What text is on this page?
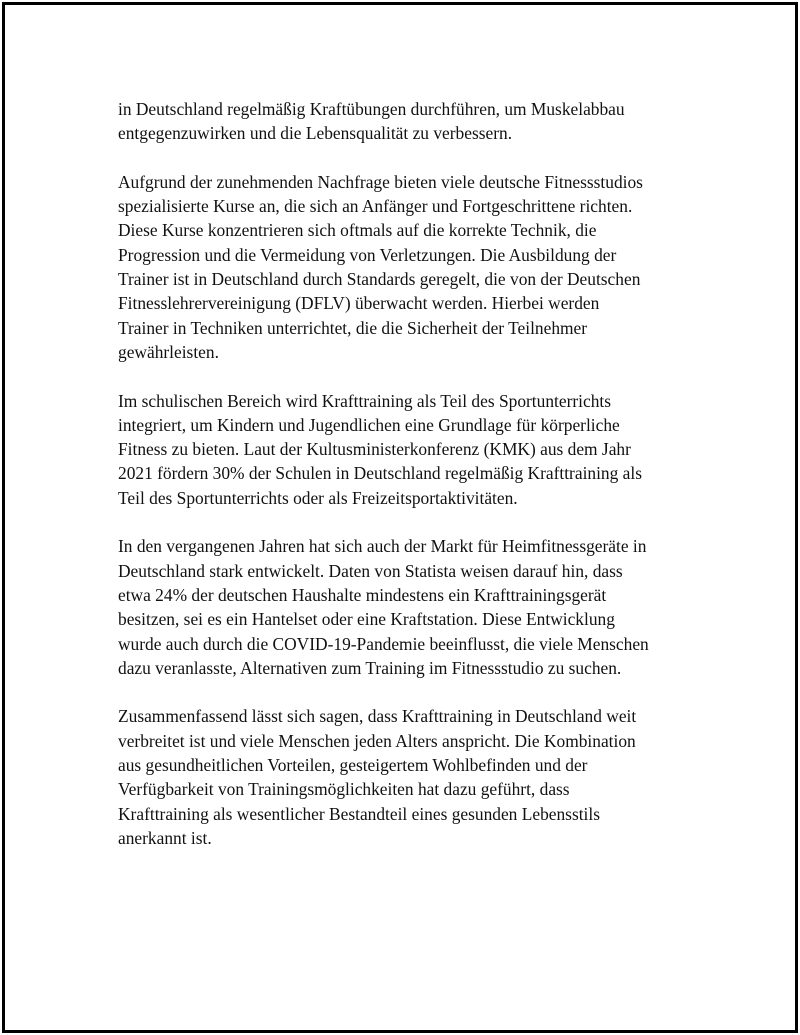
in Deutschland regelmäßig Kraftübungen durchführen, um Muskelabbau
entgegenzuwirken und die Lebensqualität zu verbessern.

Aufgrund der zunehmenden Nachfrage bieten viele deutsche Fitnessstudios
spezialisierte Kurse an, die sich an Anfänger und Fortgeschrittene richten.
Diese Kurse konzentrieren sich oftmals auf die korrekte Technik, die
Progression und die Vermeidung von Verletzungen. Die Ausbildung der
Trainer ist in Deutschland durch Standards geregelt, die von der Deutschen
Fitnesslehrervereinigung (DFLV) überwacht werden. Hierbei werden
Trainer in Techniken unterrichtet, die die Sicherheit der Teilnehmer
gewährleisten.

Im schulischen Bereich wird Krafttraining als Teil des Sportunterrichts
integriert, um Kindern und Jugendlichen eine Grundlage für körperliche
Fitness zu bieten. Laut der Kultusministerkonferenz (KMK) aus dem Jahr
2021 fördern 30% der Schulen in Deutschland regelmäßig Krafttraining als
Teil des Sportunterrichts oder als Freizeitsportaktivitäten.

In den vergangenen Jahren hat sich auch der Markt für Heimfitnessgeräte in
Deutschland stark entwickelt. Daten von Statista weisen darauf hin, dass
etwa 24% der deutschen Haushalte mindestens ein Krafttrainingsgerät
besitzen, sei es ein Hantelset oder eine Kraftstation. Diese Entwicklung
wurde auch durch die COVID-19-Pandemie beeinflusst, die viele Menschen
dazu veranlasste, Alternativen zum Training im Fitnessstudio zu suchen.

Zusammenfassend lässt sich sagen, dass Krafttraining in Deutschland weit
verbreitet ist und viele Menschen jeden Alters anspricht. Die Kombination
aus gesundheitlichen Vorteilen, gesteigertem Wohlbefinden und der
Verfügbarkeit von Trainingsmöglichkeiten hat dazu geführt, dass
Krafttraining als wesentlicher Bestandteil eines gesunden Lebensstils
anerkannt ist.
